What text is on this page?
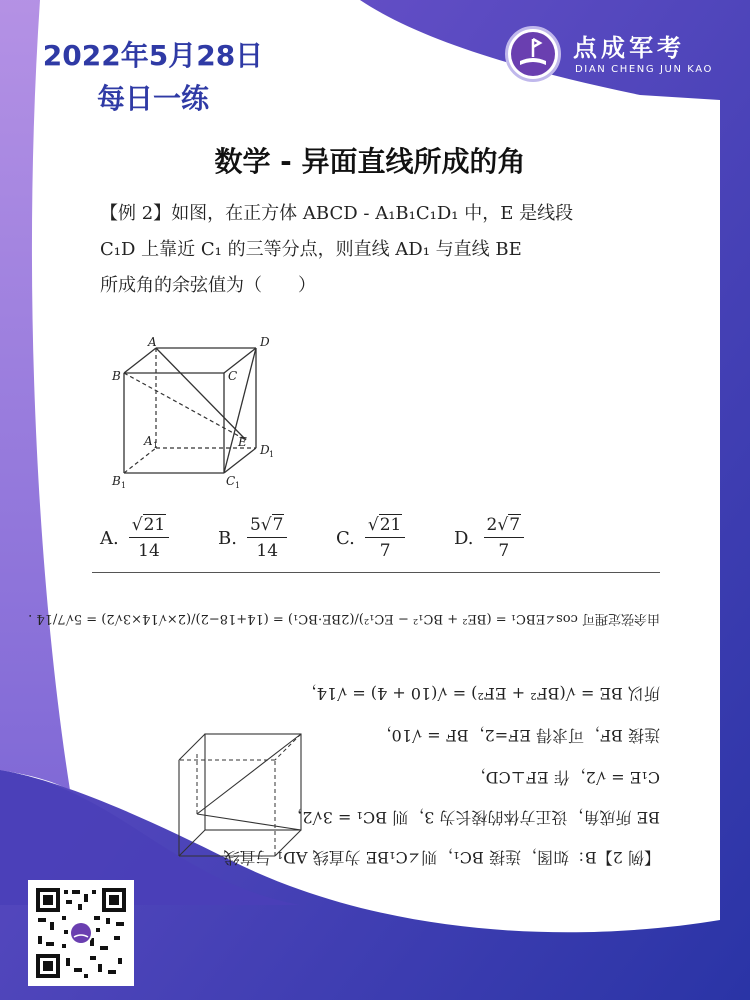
2022年5月28日
每日一练
点成军考
DIAN CHENG JUN KAO
数学 - 异面直线所成的角
【例 2】如图，在正方体 ABCD - A₁B₁C₁D₁ 中，E 是线段
C₁D 上靠近 C₁ 的三等分点，则直线 AD₁ 与直线 BE
所成角的余弦值为（　　）
A	D
B	C
A	E
D
B	C
1
1
1	1
A. $\frac{√21}{14}$	B. $\frac{5√7}{14}$	C. $\frac{√21}{7}$	D. $\frac{2√7}{7}$
【例 2】B：如图，连接 BC₁，则∠C₁BE 为直线 AD₁ 与直线
BE 所成角，设正方体的棱长为 3，则 BC₁ = 3√2，
C₁E = √2，作 EF⊥CD，
连接 BF，可求得 EF=2，BF = √10，
所以 BE = √(BF² + EF²) = √(10 + 4) = √14，
由余弦定理可 cos∠EBC₁ = (BE² + BC₁² − EC₁²)/(2BE·BC₁) = (14+18−2)/(2×√14×3√2) = 5√7/14 .
